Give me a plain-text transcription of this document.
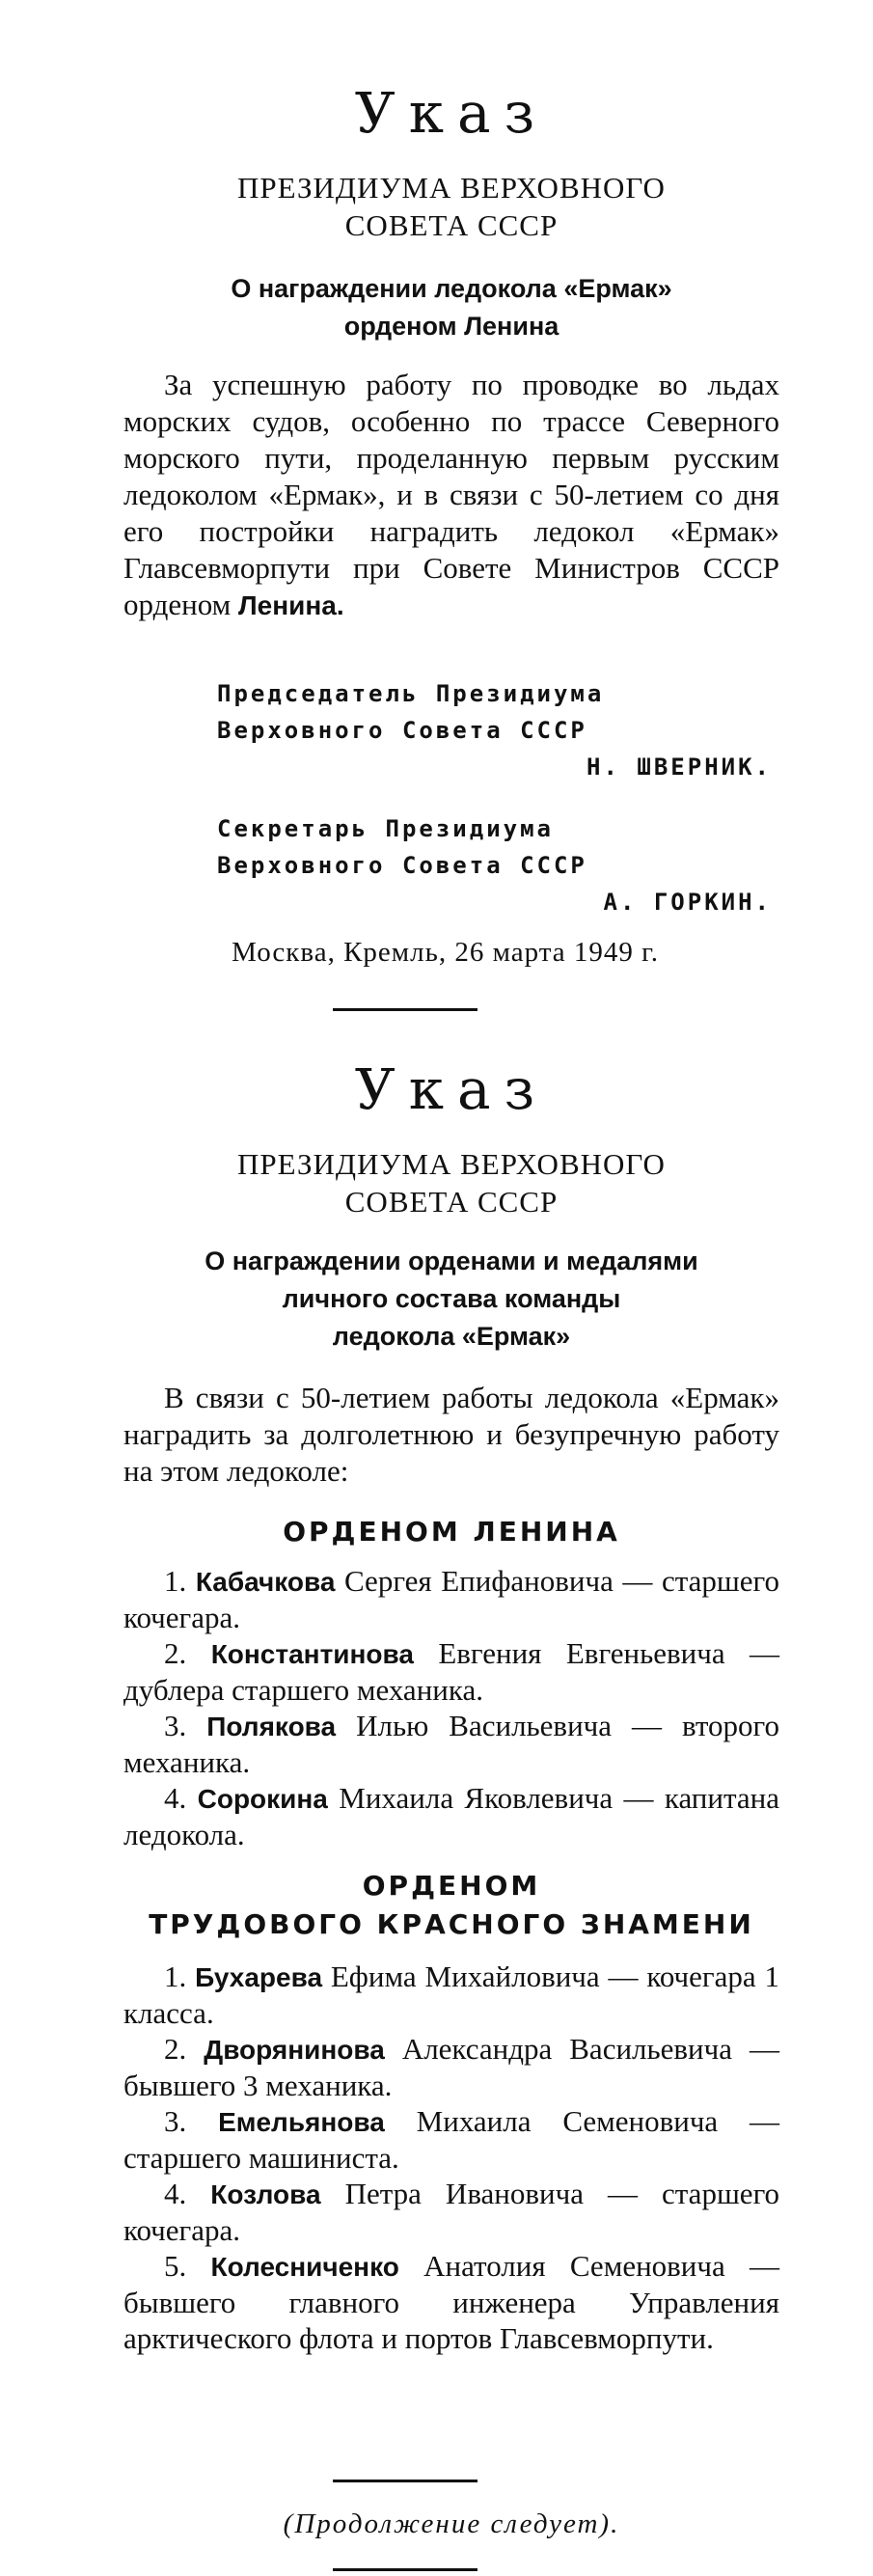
Указ

ПРЕЗИДИУМА ВЕРХОВНОГО

СОВЕТА СССР

О награждении ледокола «Ермак»

орденом Ленина

За успешную работу по проводке во льдах морских судов, особенно по трассе Северного морского пути, проделанную первым русским ледоколом «Ермак», и в связи с 50-летием со дня его постройки наградить ледокол «Ермак» Главсевморпути при Совете Министров СССР орденом Ленина.

Председатель Президиума
Верховного Совета СССР
Н. ШВЕРНИК.
Секретарь Президиума
Верховного Совета СССР
А. ГОРКИН.
Москва, Кремль, 26 марта 1949 г.

Указ

ПРЕЗИДИУМА ВЕРХОВНОГО

СОВЕТА СССР

О награждении орденами и медалями

личного состава команды

ледокола «Ермак»

В связи с 50-летием работы ледокола «Ермак» наградить за долголетнюю и безупречную работу на этом ледоколе:

ОРДЕНОМ ЛЕНИНА

1. Кабачкова Сергея Епифановича — старшего кочегара.

2. Константинова Евгения Евгеньевича — дублера старшего механика.

3. Полякова Илью Васильевича — второго механика.

4. Сорокина Михаила Яковлевича — капитана ледокола.

ОРДЕНОМ

ТРУДОВОГО КРАСНОГО ЗНАМЕНИ

1. Бухарева Ефима Михайловича — кочегара 1 класса.

2. Дворянинова Александра Васильевича — бывшего 3 механика.

3. Емельянова Михаила Семеновича — старшего машиниста.

4. Козлова Петра Ивановича — старшего кочегара.

5. Колесниченко Анатолия Семеновича — бывшего главного инженера Управления арктического флота и портов Главсевморпути.

(Продолжение следует).
